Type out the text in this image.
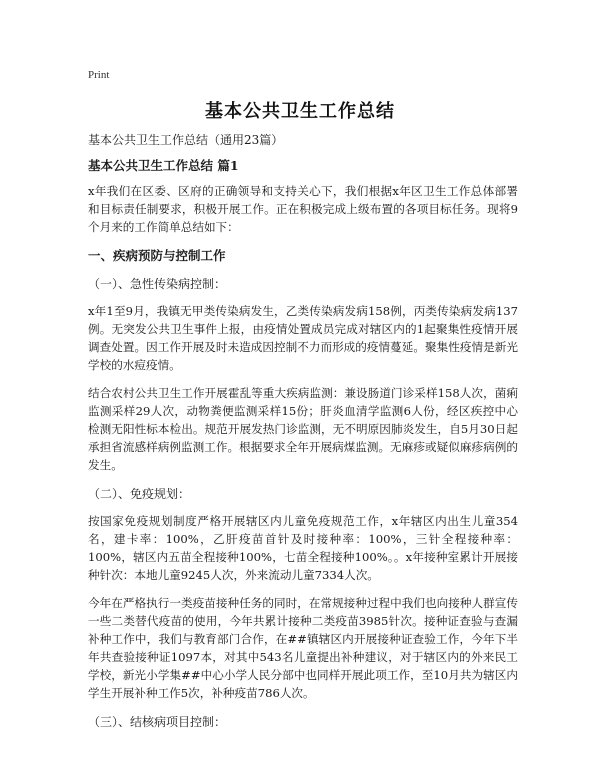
Print
基本公共卫生工作总结

基本公共卫生工作总结（通用23篇）

基本公共卫生工作总结 篇1

x年我们在区委、区府的正确领导和支持关心下，我们根据x年区卫生工作总体部署和目标责任制要求，积极开展工作。正在积极完成上级布置的各项目标任务。现将9个月来的工作简单总结如下：

一、疾病预防与控制工作

（一）、急性传染病控制：

x年1至9月，我镇无甲类传染病发生，乙类传染病发病158例，丙类传染病发病137例。无突发公共卫生事件上报，由疫情处置成员完成对辖区内的1起聚集性疫情开展调查处置。因工作开展及时未造成因控制不力而形成的疫情蔓延。聚集性疫情是新光学校的水痘疫情。

结合农村公共卫生工作开展霍乱等重大疾病监测：兼设肠道门诊采样158人次，菌痢监测采样29人次，动物粪便监测采样15份；肝炎血清学监测6人份，经区疾控中心检测无阳性标本检出。规范开展发热门诊监测，无不明原因肺炎发生，自5月30日起承担省流感样病例监测工作。根据要求全年开展病煤监测。无麻疹或疑似麻疹病例的发生。

（二）、免疫规划：

按国家免疫规划制度严格开展辖区内儿童免疫规范工作，x年辖区内出生儿童354名，建卡率：100%，乙肝疫苗首针及时接种率：100%，三针全程接种率：100%，辖区内五苗全程接种100%，七苗全程接种100%。。x年接种室累计开展接种针次：本地儿童9245人次，外来流动儿童7334人次。

今年在严格执行一类疫苗接种任务的同时，在常规接种过程中我们也向接种人群宣传一些二类替代疫苗的使用，今年共累计接种二类疫苗3985针次。接种证查验与查漏补种工作中，我们与教育部门合作，在##镇辖区内开展接种证查验工作，今年下半年共查验接种证1097本，对其中543名儿童提出补种建议，对于辖区内的外来民工学校，新光小学集##中心小学人民分部中也同样开展此项工作，至10月共为辖区内学生开展补种工作5次，补种疫苗786人次。

（三）、结核病项目控制：
